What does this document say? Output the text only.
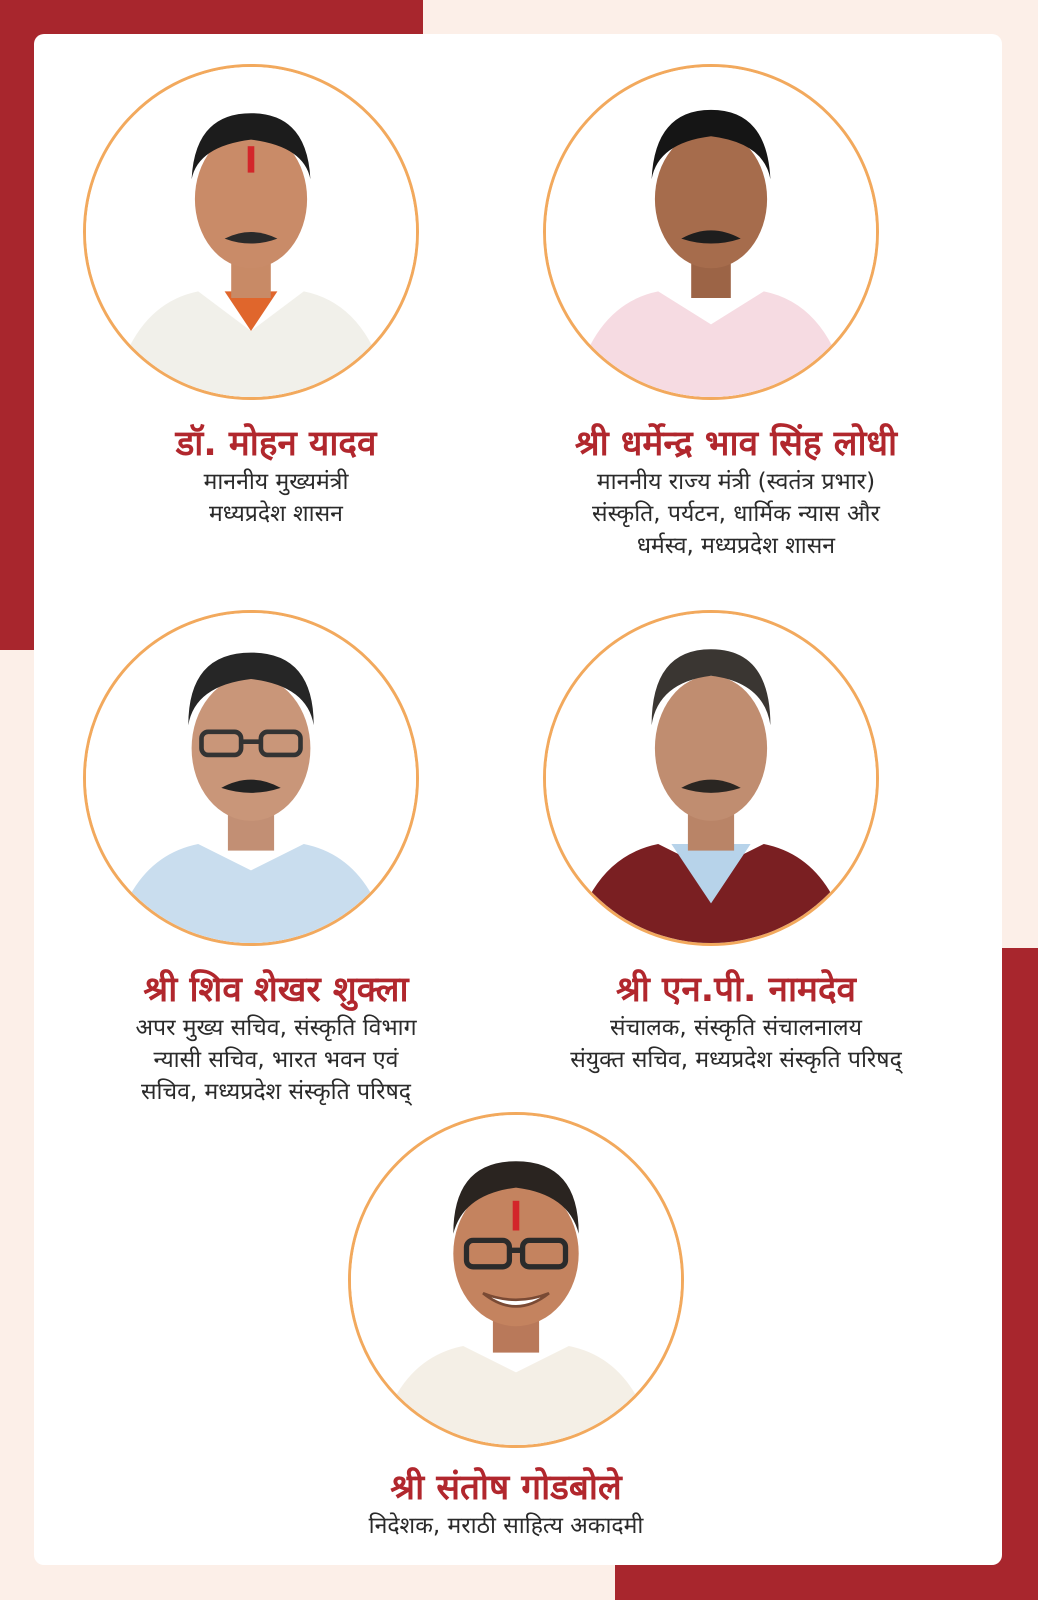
डॉ. मोहन यादव

माननीय मुख्यमंत्री

मध्यप्रदेश शासन

श्री धर्मेन्द्र भाव सिंह लोधी

माननीय राज्य मंत्री (स्वतंत्र प्रभार)

संस्कृति, पर्यटन, धार्मिक न्यास और

धर्मस्व, मध्यप्रदेश शासन

श्री शिव शेखर शुक्ला

अपर मुख्य सचिव, संस्कृति विभाग

न्यासी सचिव, भारत भवन एवं

सचिव, मध्यप्रदेश संस्कृति परिषद्

श्री एन.पी. नामदेव

संचालक, संस्कृति संचालनालय

संयुक्त सचिव, मध्यप्रदेश संस्कृति परिषद्

श्री संतोष गोडबोले

निदेशक, मराठी साहित्य अकादमी
